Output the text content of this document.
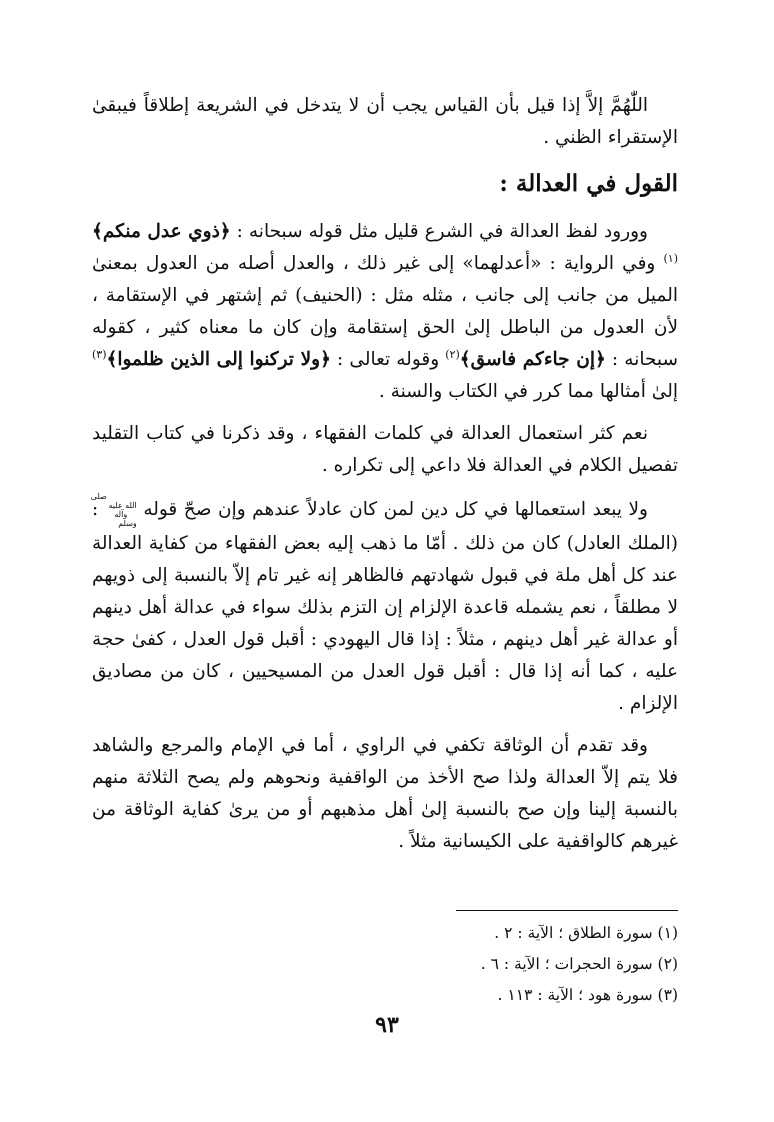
اللّٰهُمَّ إلاَّ إذا قيل بأن القياس يجب أن لا يتدخل في الشريعة إطلاقاً فيبقىٰ الإستقراء الظني .

القول في العدالة :

وورود لفظ العدالة في الشرع قليل مثل قوله سبحانه : ﴿ذوي عدل منكم﴾$^{(١)}$ وفي الرواية : «أعدلهما» إلى غير ذلك ، والعدل أصله من العدول بمعنىٰ الميل من جانب إلى جانب ، مثله مثل : (الحنيف) ثم إشتهر في الإستقامة ، لأن العدول من الباطل إلىٰ الحق إستقامة وإن كان ما معناه كثير ، كقوله سبحانه : ﴿إن جاءكم فاسق﴾$^{(٢)}$ وقوله تعالى : ﴿ولا تركنوا إلى الذين ظلموا﴾$^{(٣)}$ إلىٰ أمثالها مما كرر في الكتاب والسنة .

نعم كثر استعمال العدالة في كلمات الفقهاء ، وقد ذكرنا في كتاب التقليد تفصيل الكلام في العدالة فلا داعي إلى تكراره .

ولا يبعد استعمالها في كل دين لمن كان عادلاً عندهم وإن صحّ قوله صلى الله عليه
وآله وسلم : (الملك العادل) كان من ذلك . أمّا ما ذهب إليه بعض الفقهاء من كفاية العدالة عند كل أهل ملة في قبول شهادتهم فالظاهر إنه غير تام إلاّ بالنسبة إلى ذويهم لا مطلقاً ، نعم يشمله قاعدة الإلزام إن التزم بذلك سواء في عدالة أهل دينهم أو عدالة غير أهل دينهم ، مثلاً : إذا قال اليهودي : أقبل قول العدل ، كفىٰ حجة عليه ، كما أنه إذا قال : أقبل قول العدل من المسيحيين ، كان من مصاديق الإلزام .

وقد تقدم أن الوثاقة تكفي في الراوي ، أما في الإمام والمرجع والشاهد فلا يتم إلاّ العدالة ولذا صح الأخذ من الواقفية ونحوهم ولم يصح الثلاثة منهم بالنسبة إلينا وإن صح بالنسبة إلىٰ أهل مذهبهم أو من يرىٰ كفاية الوثاقة من غيرهم كالواقفية على الكيسانية مثلاً .

(١) سورة الطلاق ؛ الآية : ٢ .

(٢) سورة الحجرات ؛ الآية : ٦ .

(٣) سورة هود ؛ الآية : ١١٣ .

٩٣
